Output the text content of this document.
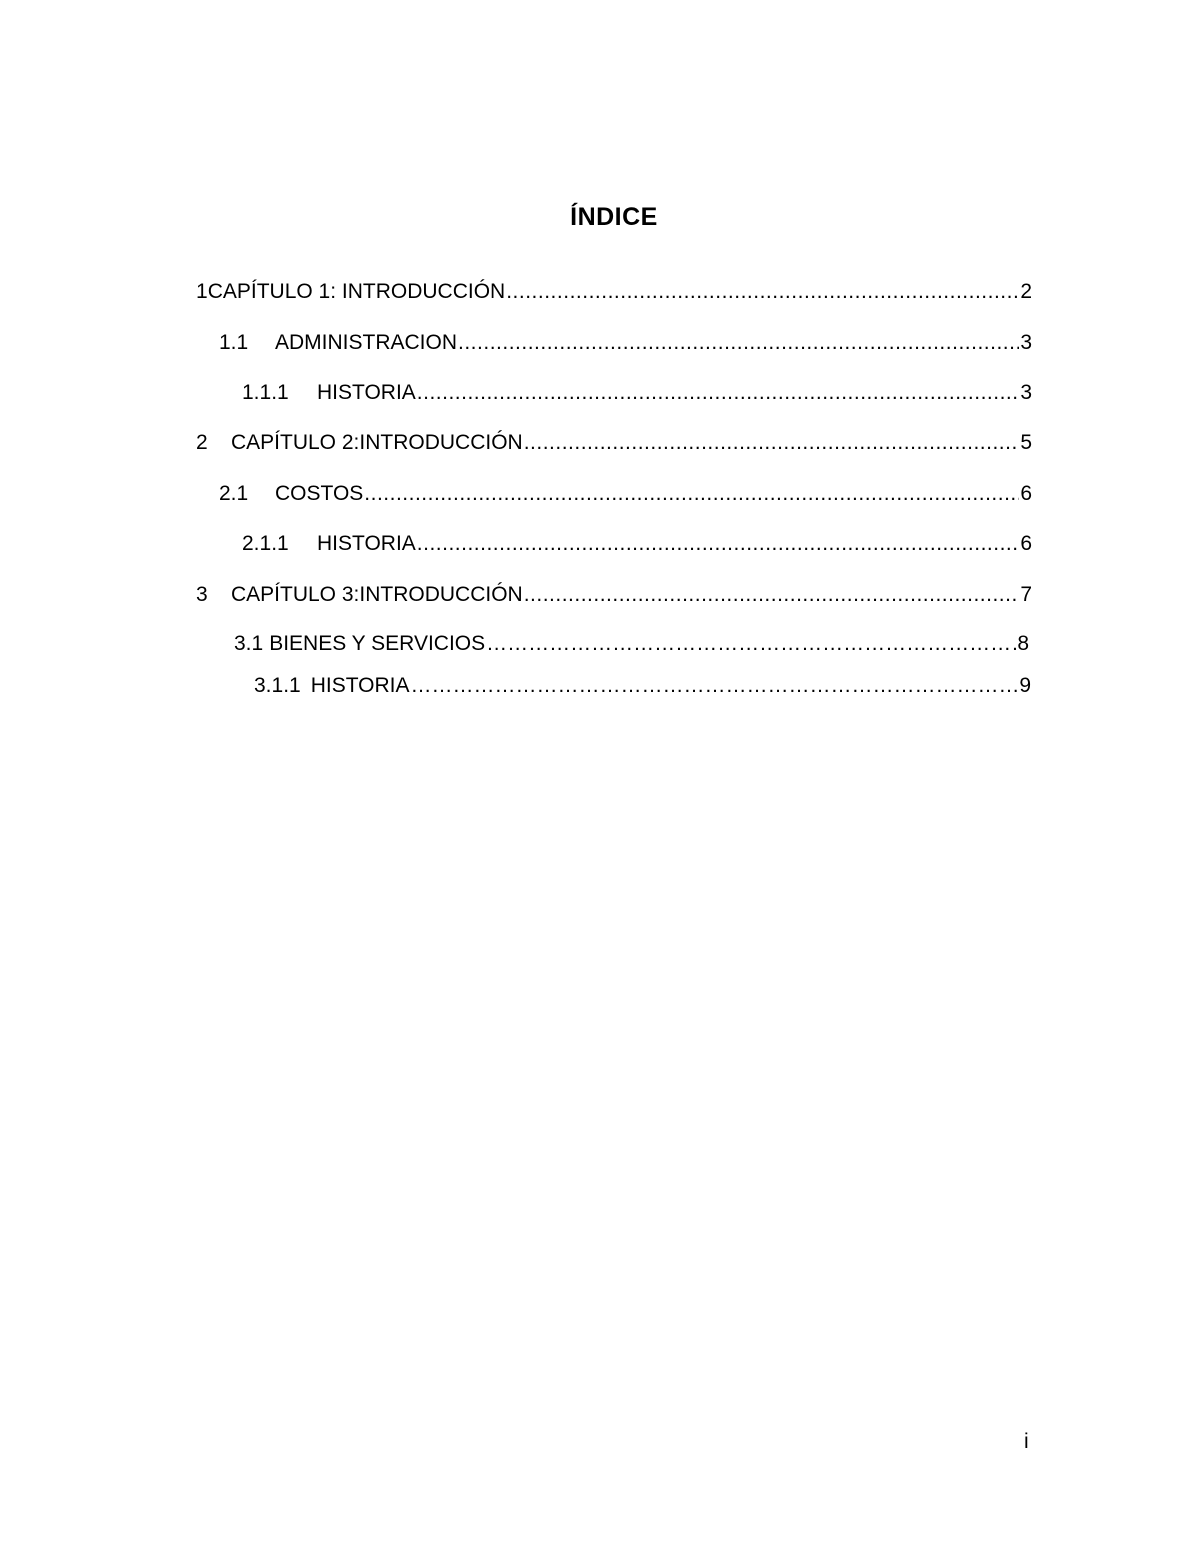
ÍNDICE
1 CAPÍTULO 1: INTRODUCCIÓN .....	2
1.1	ADMINISTRACION .....	3
1.1.1	HISTORIA .....	3
2	CAPÍTULO 2:INTRODUCCIÓN .....	5
2.1	COSTOS .....	6
2.1.1	HISTORIA .....	6
3	CAPÍTULO 3:INTRODUCCIÓN .....	7
3.1 BIENES Y SERVICIOS ………………………………………………………………………………………………………………………………………………………………	8
3.1.1 HISTORIA ………………………………………………………………………………………………………………………………………………………………	9
i
